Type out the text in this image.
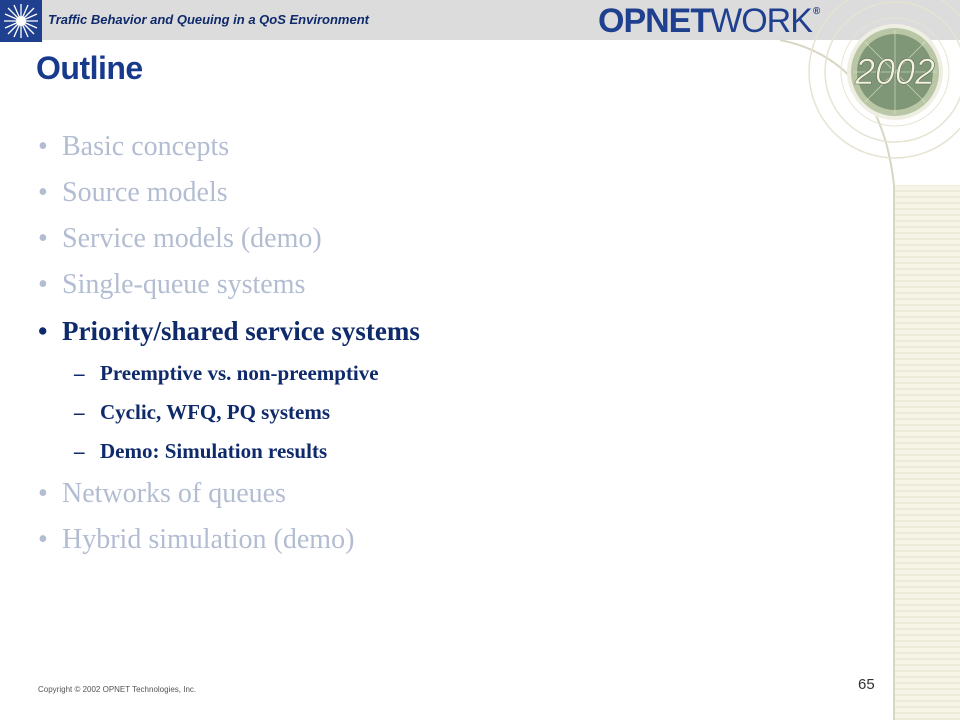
Traffic Behavior and Queuing in a QoS Environment	OPNETWORK®
2002
Outline
• Basic concepts
• Source models
• Service models (demo)
• Single-queue systems
• Priority/shared service systems
– Preemptive vs. non-preemptive
– Cyclic, WFQ, PQ systems
– Demo: Simulation results
• Networks of queues
• Hybrid simulation (demo)
Copyright © 2002 OPNET Technologies, Inc.	65
